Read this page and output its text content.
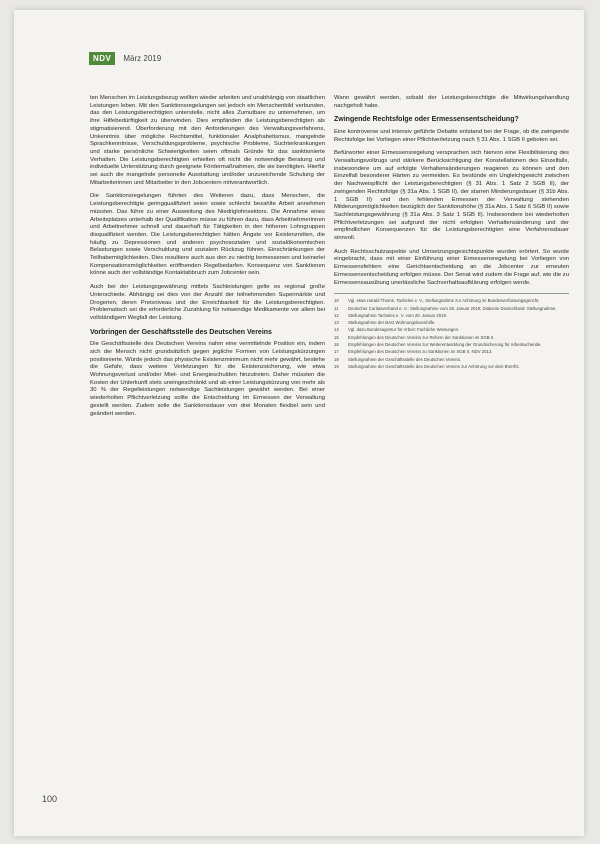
NDV	März 2019

ten Menschen im Leistungsbezug wollten wieder arbeiten und unabhängig von staatlichen Leistungen leben. Mit den Sanktionsregelungen sei jedoch ein Menschenbild verbunden, das den Leistungsberechtigten unterstelle, nicht alles Zumutbare zu unternehmen, um ihre Hilfebedürftigkeit zu überwinden. Dies empfänden die Leistungsberechtigten als stigmatisierend. Überforderung mit den Anforderungen des Verwaltungsverfahrens, Unkenntnis über mögliche Rechtsmittel, funktionaler Analphabetismus, mangelnde Sprachkenntnisse, Verschuldungsprobleme, psychische Probleme, Suchterkrankungen und starke persönliche Schwierigkeiten seien oftmals Gründe für das sanktionierte Verhalten. Die Leistungsberechtigten erhielten oft nicht die notwendige Beratung und individuelle Unterstützung durch geeignete Fördermaßnahmen, die sie benötigten. Hierfür sei auch die mangelnde personelle Ausstattung und/oder unzureichende Schulung der Mitarbeiterinnen und Mitarbeiter in den Jobcentern mitverantwortlich.

Die Sanktionsregelungen führten des Weiteren dazu, dass Menschen, die Leistungsberechtigte geringqualifiziert seien sowie schlecht bezahlte Arbeit annehmen müssten. Das führe zu einer Ausweitung des Niedriglohnsektors. Die Annahme eines Arbeitsplatzes unterhalb der Qualifikation müsse zu führen dazu, dass Arbeitnehmerinnen und Arbeitnehmer schnell und dauerhaft für Tätigkeiten in den höheren Lohngruppen disqualifiziert werden. Die Leistungsberechtigten hätten Ängste vor Existenznöten, die häufig zu Depressionen und anderen psychosozialen und sozialökonomischen Belastungen sowie Verschuldung und sozialem Rückzug führen. Einschränkungen der Teilhabemöglichkeiten. Dies resultiere auch aus den zu niedrig bemessenen und keinerlei Kompensationsmöglichkeiten eröffnenden Regelbedarfen. Konsequenz von Sanktionen könne auch der vollständige Kontaktabbruch zum Jobcenter sein.

Auch bei der Leistungsgewährung mittels Sachleistungen gelte es regional große Unterschiede. Abhängig sei dies von der Anzahl der teilnehmenden Supermärkte und Drogerien, deren Preisniveau und der Erreichbarkeit für die Leistungsberechtigten. Problematisch sei die erforderliche Zuzahlung für notwendige Medikamente vor allem bei vollständigem Wegfall der Leistung.

Vorbringen der Geschäftsstelle des Deutschen Vereins

Die Geschäftsstelle des Deutschen Vereins nahm eine vermittelnde Position ein, indem sich der Mensch nicht grundsätzlich gegen jegliche Formen von Leistungskürzungen positionierte. Würde jedoch das physische Existenzminimum nicht mehr gewährt, bestehe die Gefahr, dass weitere Verletzungen für die Existenzsicherung, wie etwa Wohnungsverlust und/oder Miet- und Energieschulden hinzutreten. Daher müssten die Kosten der Unterkunft stets uneingeschränkt und ab einer Leistungskürzung von mehr als 30 % der Regelleistungen notwendige Sachleistungen gewährt werden. Bei einer wiederholten Pflichtverletzung sollte die Entscheidung im Ermessen der Verwaltung gestellt werden. Zudem solle die Sanktionsdauer von drei Monaten flexibel sein und geändert werden.

Wann gewährt werden, sobald der Leistungsberechtigte die Mitwirkungshandlung nachgeholt habe.

Zwingende Rechtsfolge oder Ermessensentscheidung?

Eine kontroverse und intensiv geführte Debatte entstand bei der Frage, ob die zwingende Rechtsfolge bei Vorliegen einer Pflichtverletzung nach § 31 Abs. 1 SGB II geboten sei.

Befürworter einer Ermessensregelung versprachen sich hiervon eine Flexibilisierung des Verwaltungsvollzugs und stärkere Berücksichtigung der Konstellationen des Einzelfalls, insbesondere um auf erfolgte Verhaltensänderungen reagieren zu können und den Einzelfall besonderer Härten zu vermeiden. Es bestünde ein Ungleichgewicht zwischen der Nachweispflicht der Leistungsberechtigten (§ 31 Abs. 1 Satz 2 SGB II), der zwingenden Rechtsfolge (§ 31a Abs. 1 SGB II), der starren Minderungsdauer (§ 31b Abs. 1 SGB II) und den fehlenden Ermessen der Verwaltung stehenden Milderungsmöglichkeiten bezüglich der Sanktionshöhe (§ 31a Abs. 1 Satz 6 SGB II) sowie Sachleistungsgewährung (§ 31a Abs. 3 Satz 1 SGB II). Insbesondere bei wiederholten Pflichtverletzungen sei aufgrund der nicht erfolgten Verhaltensänderung und der empfindlichen Konsequenzen für die Leistungsberechtigten eine Verfahrensdauer sinnvoll.

Auch Rechtsschutzaspekte und Umsetzungsgesichtspunkte wurden erörtert. So wurde eingebracht, dass mit einer Einführung einer Ermessensregelung bei Vorliegen von Ermessensfehlern eine Gerichtsentscheidung an die Jobcenter zur erneuten Ermessensentscheidung erfolgen müsse. Der Senat wird zudem die Frage auf, wie die zu Ermessensausübung unerlässliche Sachverhaltsaufklärung erfolgen werde.

10	Vgl. etwa Harald Thomé, Tacheles e. V., Stellungnahme zur Anhörung im Bundesverfassungsgericht.
11	Deutscher Caritasverband e. V.: Stellungnahme vom 28. Januar 2019; Diakonie Deutschland: Stellungnahme.
12	Stellungnahme Tacheles e. V. vom 20. Januar 2019.
13	Stellungnahme der BAG Wohnungslosenhilfe.
14	Vgl. dazu Bundesagentur für Arbeit: Fachliche Weisungen.
15	Empfehlungen des Deutschen Vereins zur Reform der Sanktionen im SGB II.
16	Empfehlungen des Deutschen Vereins zur Weiterentwicklung der Grundsicherung für Arbeitsuchende.
17	Empfehlungen des Deutschen Vereins zu Sanktionen im SGB II, NDV 2013.
18	Stellungnahme der Geschäftsstelle des Deutschen Vereins.
19	Stellungnahme der Geschäftsstelle des Deutschen Vereins zur Anhörung vor dem BVerfG.
100
